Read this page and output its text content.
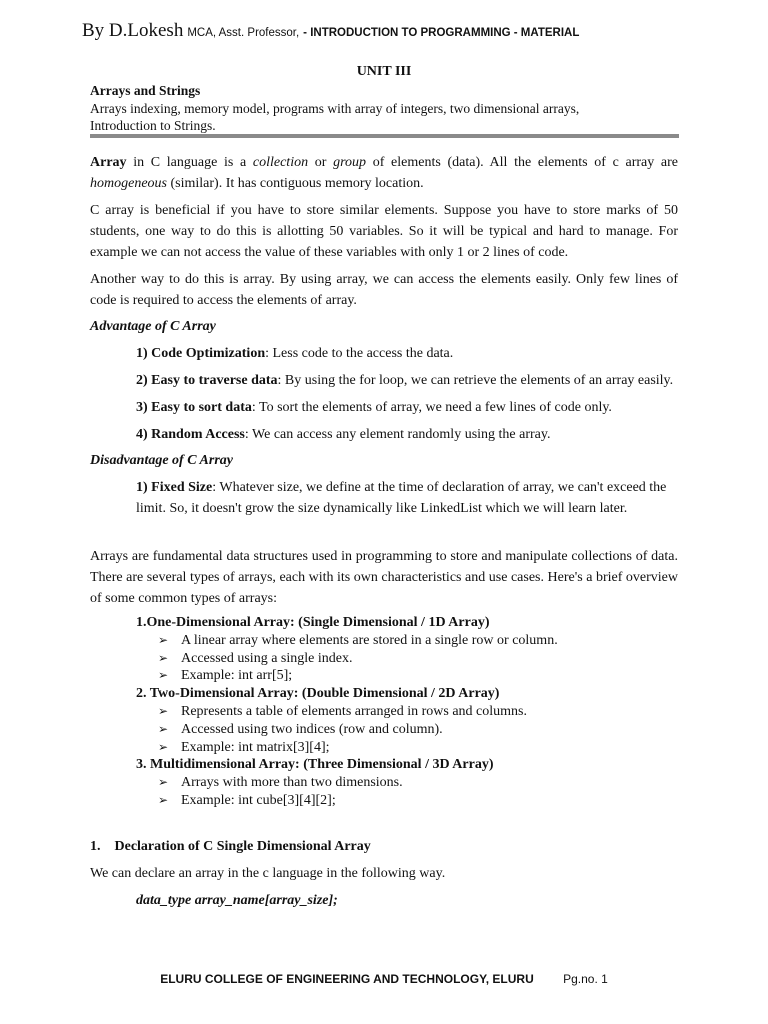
By D.Lokesh MCA, Asst. Professor, - INTRODUCTION TO PROGRAMMING - MATERIAL
UNIT III
Arrays and Strings
Arrays indexing, memory model, programs with array of integers, two dimensional arrays,
Introduction to Strings.

Array in C language is a collection or group of elements (data). All the elements of c array are homogeneous (similar). It has contiguous memory location.

C array is beneficial if you have to store similar elements. Suppose you have to store marks of 50 students, one way to do this is allotting 50 variables. So it will be typical and hard to manage. For example we can not access the value of these variables with only 1 or 2 lines of code.

Another way to do this is array. By using array, we can access the elements easily. Only few lines of code is required to access the elements of array.

Advantage of C Array

1) Code Optimization: Less code to the access the data.

2) Easy to traverse data: By using the for loop, we can retrieve the elements of an array easily.

3) Easy to sort data: To sort the elements of array, we need a few lines of code only.

4) Random Access: We can access any element randomly using the array.

Disadvantage of C Array

1) Fixed Size: Whatever size, we define at the time of declaration of array, we can't exceed the limit. So, it doesn't grow the size dynamically like LinkedList which we will learn later.

Arrays are fundamental data structures used in programming to store and manipulate collections of data. There are several types of arrays, each with its own characteristics and use cases. Here's a brief overview of some common types of arrays:

1.One-Dimensional Array: (Single Dimensional / 1D Array)
➢ A linear array where elements are stored in a single row or column.
➢ Accessed using a single index.
➢ Example: int arr[5];
2. Two-Dimensional Array: (Double Dimensional / 2D Array)
➢ Represents a table of elements arranged in rows and columns.
➢ Accessed using two indices (row and column).
➢ Example: int matrix[3][4];
3. Multidimensional Array: (Three Dimensional / 3D Array)
➢ Arrays with more than two dimensions.
➢ Example: int cube[3][4][2];

1. Declaration of C Single Dimensional Array

We can declare an array in the c language in the following way.

data_type array_name[array_size];

ELURU COLLEGE OF ENGINEERING AND TECHNOLOGY, ELURU Pg.no. 1
